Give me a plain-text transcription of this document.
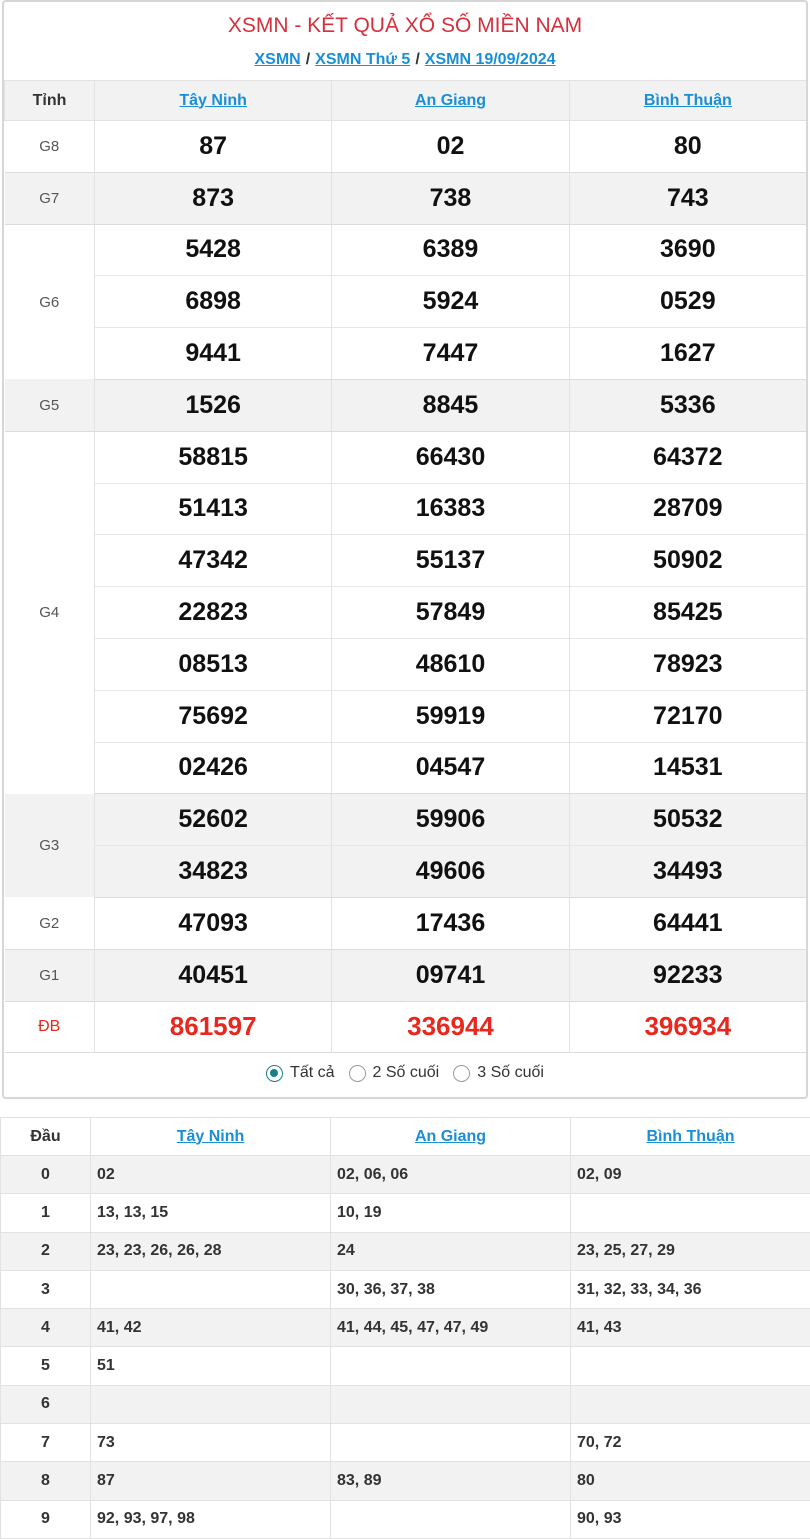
XSMN - KẾT QUẢ XỔ SỐ MIỀN NAM
XSMN / XSMN Thứ 5 / XSMN 19/09/2024
Tỉnh	Tây Ninh	An Giang	Bình Thuận
G8	87	02	80
G7	873	738	743
G6	5428	6389	3690
	6898	5924	0529
	9441	7447	1627
G5	1526	8845	5336
G4	58815	66430	64372
	51413	16383	28709
	47342	55137	50902
	22823	57849	85425
	08513	48610	78923
	75692	59919	72170
	02426	04547	14531
G3	52602	59906	50532
	34823	49606	34493
G2	47093	17436	64441
G1	40451	09741	92233
ĐB	861597	336944	396934
Tất cả 2 Số cuối 3 Số cuối
Đầu	Tây Ninh	An Giang	Bình Thuận
0	02	02, 06, 06	02, 09
1	13, 13, 15	10, 19	
2	23, 23, 26, 26, 28	24	23, 25, 27, 29
3		30, 36, 37, 38	31, 32, 33, 34, 36
4	41, 42	41, 44, 45, 47, 47, 49	41, 43
5	51		
6			
7	73		70, 72
8	87	83, 89	80
9	92, 93, 97, 98		90, 93
